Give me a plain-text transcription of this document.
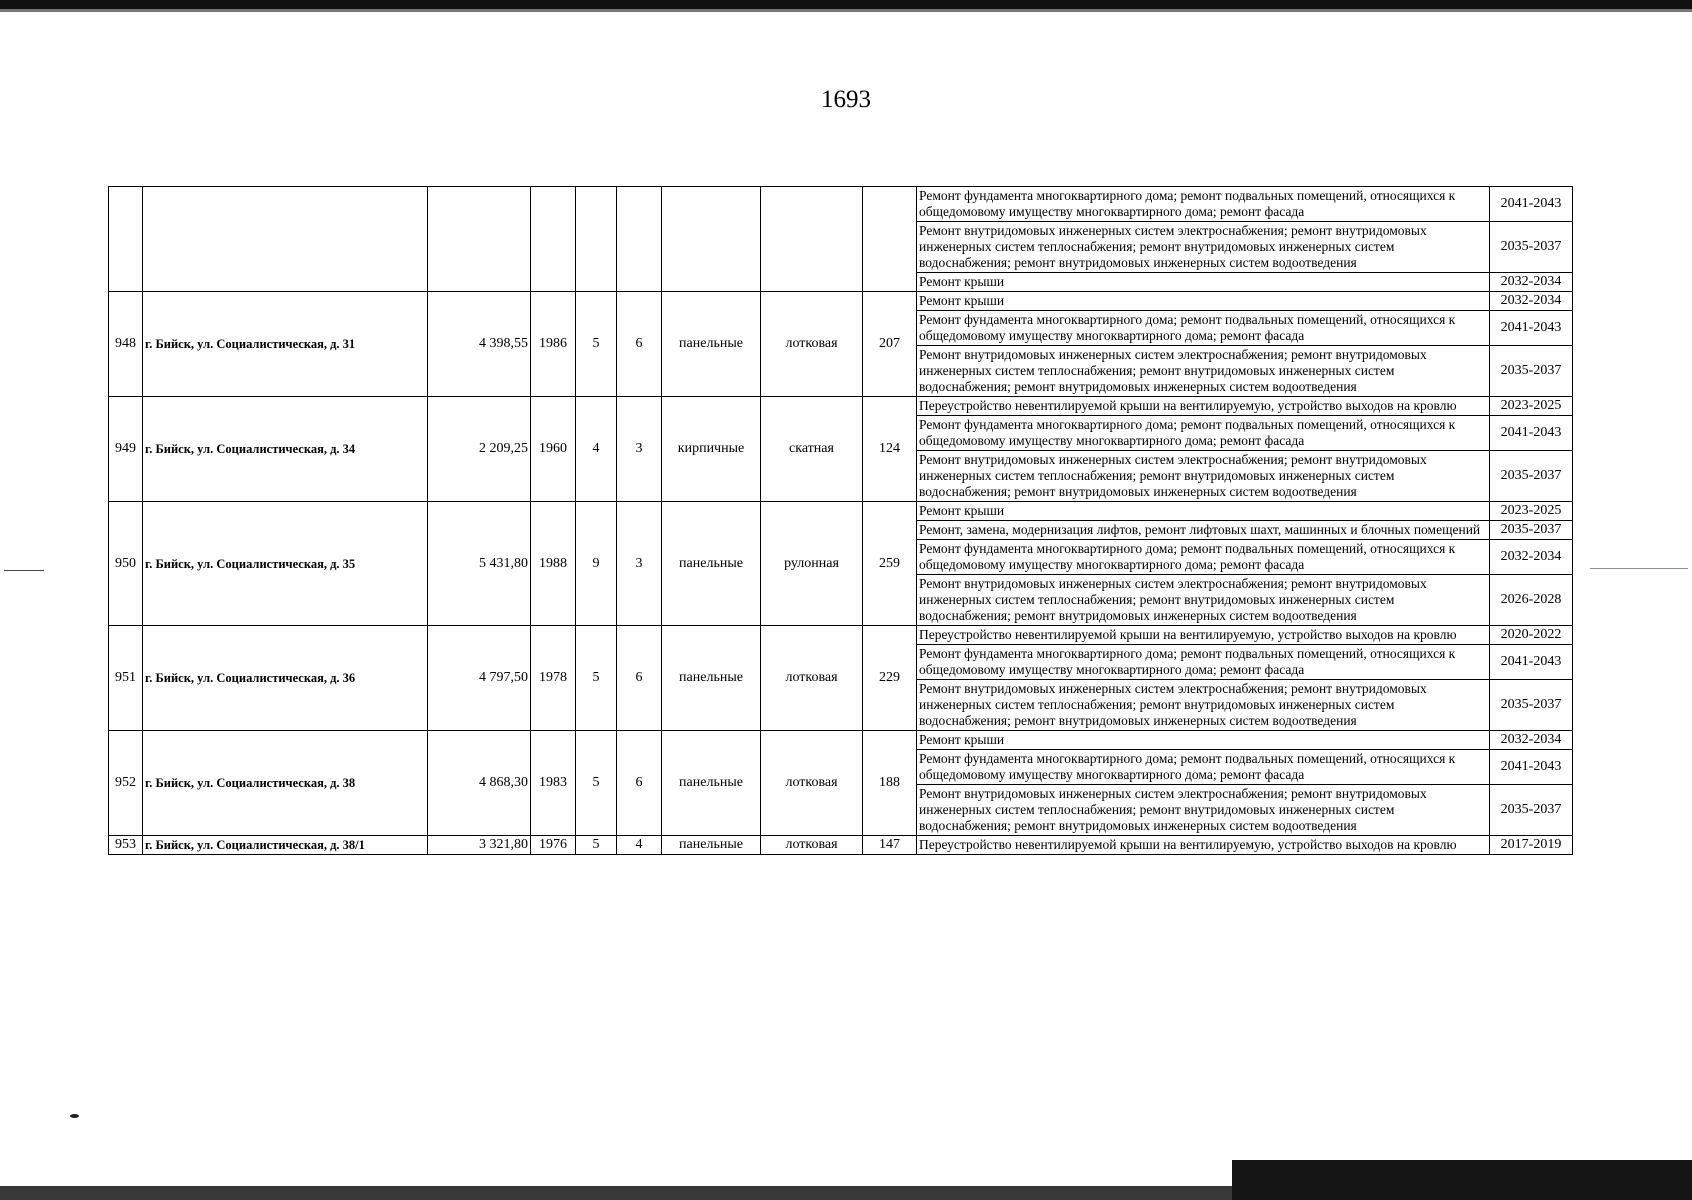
1693
									Ремонт фундамента многоквартирного дома; ремонт подвальных помещений, относящихся к общедомовому имуществу многоквартирного дома; ремонт фасада	2041-2043
									Ремонт внутридомовых инженерных систем электроснабжения; ремонт внутридомовых инженерных систем теплоснабжения; ремонт внутридомовых инженерных систем водоснабжения; ремонт внутридомовых инженерных систем водоотведения	2035-2037
									Ремонт крыши	2032-2034
948	г. Бийск, ул. Социалистическая, д. 31	4 398,55	1986	5	6	панельные	лотковая	207	Ремонт крыши	2032-2034
									Ремонт фундамента многоквартирного дома; ремонт подвальных помещений, относящихся к общедомовому имуществу многоквартирного дома; ремонт фасада	2041-2043
									Ремонт внутридомовых инженерных систем электроснабжения; ремонт внутридомовых инженерных систем теплоснабжения; ремонт внутридомовых инженерных систем водоснабжения; ремонт внутридомовых инженерных систем водоотведения	2035-2037
949	г. Бийск, ул. Социалистическая, д. 34	2 209,25	1960	4	3	кирпичные	скатная	124	Переустройство невентилируемой крыши на вентилируемую, устройство выходов на кровлю	2023-2025
									Ремонт фундамента многоквартирного дома; ремонт подвальных помещений, относящихся к общедомовому имуществу многоквартирного дома; ремонт фасада	2041-2043
									Ремонт внутридомовых инженерных систем электроснабжения; ремонт внутридомовых инженерных систем теплоснабжения; ремонт внутридомовых инженерных систем водоснабжения; ремонт внутридомовых инженерных систем водоотведения	2035-2037
950	г. Бийск, ул. Социалистическая, д. 35	5 431,80	1988	9	3	панельные	рулонная	259	Ремонт крыши	2023-2025
									Ремонт, замена, модернизация лифтов, ремонт лифтовых шахт, машинных и блочных помещений	2035-2037
									Ремонт фундамента многоквартирного дома; ремонт подвальных помещений, относящихся к общедомовому имуществу многоквартирного дома; ремонт фасада	2032-2034
									Ремонт внутридомовых инженерных систем электроснабжения; ремонт внутридомовых инженерных систем теплоснабжения; ремонт внутридомовых инженерных систем водоснабжения; ремонт внутридомовых инженерных систем водоотведения	2026-2028
951	г. Бийск, ул. Социалистическая, д. 36	4 797,50	1978	5	6	панельные	лотковая	229	Переустройство невентилируемой крыши на вентилируемую, устройство выходов на кровлю	2020-2022
									Ремонт фундамента многоквартирного дома; ремонт подвальных помещений, относящихся к общедомовому имуществу многоквартирного дома; ремонт фасада	2041-2043
									Ремонт внутридомовых инженерных систем электроснабжения; ремонт внутридомовых инженерных систем теплоснабжения; ремонт внутридомовых инженерных систем водоснабжения; ремонт внутридомовых инженерных систем водоотведения	2035-2037
952	г. Бийск, ул. Социалистическая, д. 38	4 868,30	1983	5	6	панельные	лотковая	188	Ремонт крыши	2032-2034
									Ремонт фундамента многоквартирного дома; ремонт подвальных помещений, относящихся к общедомовому имуществу многоквартирного дома; ремонт фасада	2041-2043
									Ремонт внутридомовых инженерных систем электроснабжения; ремонт внутридомовых инженерных систем теплоснабжения; ремонт внутридомовых инженерных систем водоснабжения; ремонт внутридомовых инженерных систем водоотведения	2035-2037
953	г. Бийск, ул. Социалистическая, д. 38/1	3 321,80	1976	5	4	панельные	лотковая	147	Переустройство невентилируемой крыши на вентилируемую, устройство выходов на кровлю	2017-2019
